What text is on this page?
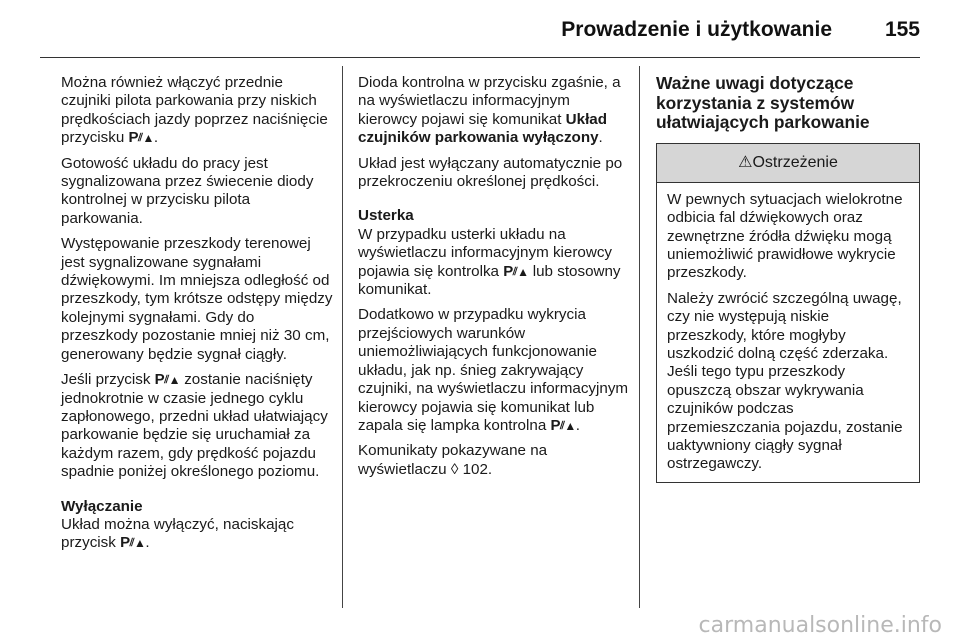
Prowadzenie i użytkowanie	155

Można również włączyć przednie czujniki pilota parkowania przy niskich prędkościach jazdy poprzez naciśnięcie przycisku P⫽▲.

Gotowość układu do pracy jest sygnalizowana przez świecenie diody kontrolnej w przycisku pilota parkowania.

Występowanie przeszkody terenowej jest sygnalizowane sygnałami dźwiękowymi. Im mniejsza odległość od przeszkody, tym krótsze odstępy między kolejnymi sygnałami. Gdy do przeszkody pozostanie mniej niż 30 cm, generowany będzie sygnał ciągły.

Jeśli przycisk P⫽▲ zostanie naciśnięty jednokrotnie w czasie jednego cyklu zapłonowego, przedni układ ułatwiający parkowanie będzie się uruchamiał za każdym razem, gdy prędkość pojazdu spadnie poniżej określonego poziomu.

Wyłączanie

Układ można wyłączyć, naciskając przycisk P⫽▲.

Dioda kontrolna w przycisku zgaśnie, a na wyświetlaczu informacyjnym kierowcy pojawi się komunikat Układ czujników parkowania wyłączony.

Układ jest wyłączany automatycznie po przekroczeniu określonej prędkości.

Usterka

W przypadku usterki układu na wyświetlaczu informacyjnym kierowcy pojawia się kontrolka P⫽▲ lub stosowny komunikat.

Dodatkowo w przypadku wykrycia przejściowych warunków uniemożliwiających funkcjonowanie układu, jak np. śnieg zakrywający czujniki, na wyświetlaczu informacyjnym kierowcy pojawia się komunikat lub zapala się lampka kontrolna P⫽▲.

Komunikaty pokazywane na wyświetlaczu ◊ 102.

Ważne uwagi dotyczące korzystania z systemów ułatwiających parkowanie

⚠Ostrzeżenie

W pewnych sytuacjach wielokrotne odbicia fal dźwiękowych oraz zewnętrzne źródła dźwięku mogą uniemożliwić prawidłowe wykrycie przeszkody.

Należy zwrócić szczególną uwagę, czy nie występują niskie przeszkody, które mogłyby uszkodzić dolną część zderzaka. Jeśli tego typu przeszkody opuszczą obszar wykrywania czujników podczas przemieszczania pojazdu, zostanie uaktywniony ciągły sygnał ostrzegawczy.

carmanualsonline.info
